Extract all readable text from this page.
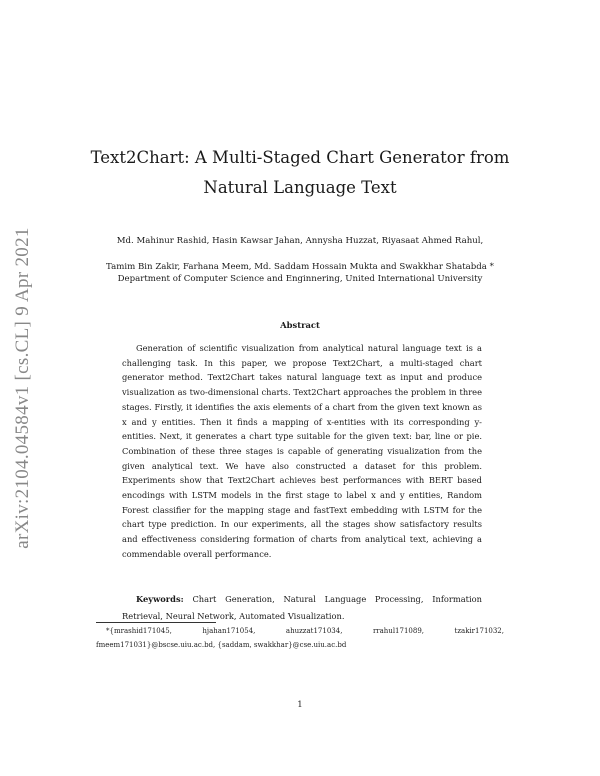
arXiv:2104.04584v1 [cs.CL] 9 Apr 2021
Text2Chart: A Multi-Staged Chart Generator from Natural Language Text
Md. Mahinur Rashid, Hasin Kawsar Jahan, Annysha Huzzat, Riyasaat Ahmed Rahul,
Tamim Bin Zakir, Farhana Meem, Md. Saddam Hossain Mukta and Swakkhar Shatabda *
Department of Computer Science and Enginnering, United International University
Abstract

Generation of scientific visualization from analytical natural language text is a challenging task. In this paper, we propose Text2Chart, a multi-staged chart generator method. Text2Chart takes natural language text as input and produce visualization as two-dimensional charts. Text2Chart approaches the problem in three stages. Firstly, it identifies the axis elements of a chart from the given text known as x and y entities. Then it finds a mapping of x-entities with its corresponding y-entities. Next, it generates a chart type suitable for the given text: bar, line or pie. Combination of these three stages is capable of generating visualization from the given analytical text. We have also constructed a dataset for this problem. Experiments show that Text2Chart achieves best performances with BERT based encodings with LSTM models in the first stage to label x and y entities, Random Forest classifier for the mapping stage and fastText embedding with LSTM for the chart type prediction. In our experiments, all the stages show satisfactory results and effectiveness considering formation of charts from analytical text, achieving a commendable overall performance.

Keywords: Chart Generation, Natural Language Processing, Information Retrieval, Neural Network, Automated Visualization.

*{mrashid171045,	hjahan171054,	ahuzzat171034,	rrahul171089,	tzakir171032,
fmeem171031}@bscse.uiu.ac.bd, {saddam, swakkhar}@cse.uiu.ac.bd
1
